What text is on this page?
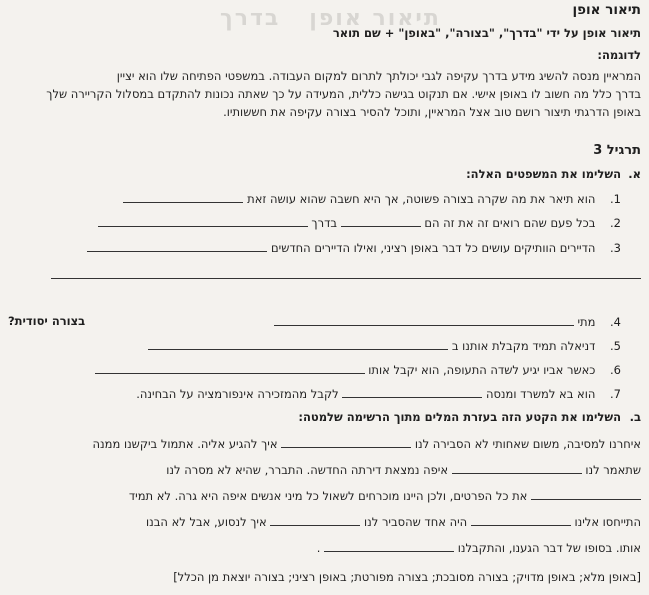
תיאור אופן   בדרך	תיאור אופן
תיאור אופן על ידי "בדרך", "בצורה", "באופן" + שם תואר
לדוגמה:
המראיין מנסה להשיג מידע בדרך עקיפה לגבי יכולתך לתרום למקום העבודה. במשפטי הפתיחה שלו הוא יציין
בדרך כלל מה חשוב לו באופן אישי. אם תנקוט בגישה כללית, המעידה על כך שאתה נכונות להתקדם במסלול הקריירה שלך
באופן הדרגתי תיצור רושם טוב אצל המראיין, ותוכל להסיר בצורה עקיפה את חששותיו.
תרגיל 3
א.
השלימו את המשפטים האלה:
1.    הוא תיאר את מה שקרה בצורה פשוטה, אך היא חשבה שהוא עושה זאת
2.    בכל פעם שהם רואים זה את זה הם  בדרך
3.    הדיירים הוותיקים עושים כל דבר באופן רציני, ואילו הדיירים החדשים
4.    מתי
בצורה יסודית?
5.    דניאלה תמיד מקבלת אותנו ב
6.    כאשר אביו יגיע לשדה התעופה, הוא יקבל אותו
7.    הוא בא למשרד ומנסה  לקבל מהמזכירה אינפורמציה על הבחינה.
ב.
השלימו את הקטע הזה בעזרת המלים מתוך הרשימה שלמטה:
איחרנו למסיבה, משום שאחותי לא הסבירה לנו  איך להגיע אליה. אתמול ביקשנו ממנה
שתאמר לנו  איפה נמצאת דירתה החדשה. התברר, שהיא לא מסרה לנו
את כל הפרטים, ולכן היינו מוכרחים לשאול כל מיני אנשים איפה היא גרה. לא תמיד
התייחסו אלינו  היה אחד שהסביר לנו  איך לנסוע, אבל לא הבנו
אותו. בסופו של דבר הגענו, והתקבלנו  .
[באופן מלא; באופן מדויק; בצורה מסובכת; בצורה מפורטת; באופן רציני; בצורה יוצאת מן הכלל]
